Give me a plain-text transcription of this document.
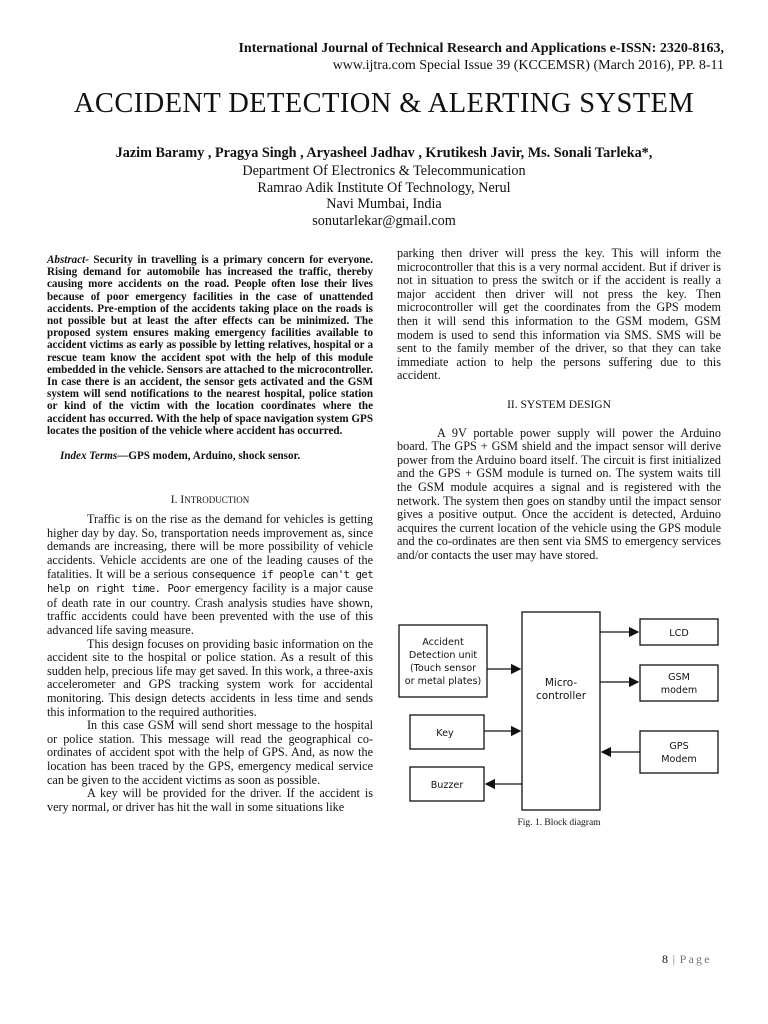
International Journal of Technical Research and Applications e-ISSN: 2320-8163,
www.ijtra.com Special Issue 39 (KCCEMSR) (March 2016), PP. 8-11
ACCIDENT DETECTION & ALERTING SYSTEM
Jazim Baramy , Pragya Singh , Aryasheel Jadhav , Krutikesh Javir, Ms. Sonali Tarleka*,
Department Of Electronics & Telecommunication
Ramrao Adik Institute Of Technology, Nerul
Navi Mumbai, India
sonutarlekar@gmail.com

Abstract- Security in travelling is a primary concern for everyone. Rising demand for automobile has increased the traffic, thereby causing more accidents on the road. People often lose their lives because of poor emergency facilities in the case of unattended accidents. Pre-emption of the accidents taking place on the roads is not possible but at least the after effects can be minimized. The proposed system ensures making emergency facilities available to accident victims as early as possible by letting relatives, hospital or a rescue team know the accident spot with the help of this module embedded in the vehicle. Sensors are attached to the microcontroller. In case there is an accident, the sensor gets activated and the GSM system will send notifications to the nearest hospital, police station or kind of the victim with the location coordinates where the accident has occurred. With the help of space navigation system GPS locates the position of the vehicle where accident has occurred.

Index Terms—GPS modem, Arduino, shock sensor.

I. INTRODUCTION

Traffic is on the rise as the demand for vehicles is getting higher day by day. So, transportation needs improvement as, since demands are increasing, there will be more possibility of vehicle accidents. Vehicle accidents are one of the leading causes of the fatalities. It will be a serious consequence if people can't get help on right time. Poor emergency facility is a major cause of death rate in our country. Crash analysis studies have shown, traffic accidents could have been prevented with the use of this advanced life saving measure.

This design focuses on providing basic information on the accident site to the hospital or police station. As a result of this sudden help, precious life may get saved. In this work, a three-axis accelerometer and GPS tracking system work for accidental monitoring. This design detects accidents in less time and sends this information to the required authorities.

In this case GSM will send short message to the hospital or police station. This message will read the geographical co-ordinates of accident spot with the help of GPS. And, as now the location has been traced by the GPS, emergency medical service can be given to the accident victims as soon as possible.

A key will be provided for the driver. If the accident is very normal, or driver has hit the wall in some situations like

parking then driver will press the key. This will inform the microcontroller that this is a very normal accident. But if driver is not in situation to press the switch or if the accident is really a major accident then driver will not press the key. Then microcontroller will get the coordinates from the GPS modem then it will send this information to the GSM modem, GSM modem is used to send this information via SMS. SMS will be sent to the family member of the driver, so that they can take immediate action to help the persons suffering due to this accident.

II. SYSTEM DESIGN

A 9V portable power supply will power the Arduino board. The GPS + GSM shield and the impact sensor will derive power from the Arduino board itself. The circuit is first initialized and the GPS + GSM module is turned on. The system waits till the GSM module acquires a signal and is registered with the network. The system then goes on standby until the impact sensor gives a positive output. Once the accident is detected, Arduino acquires the current location of the vehicle using the GPS module and the co-ordinates are then sent via SMS to emergency services and/or contacts the user may have stored.

Accident
Detection unit
(Touch sensor
or metal plates)
Key
Buzzer
Micro-
controller
LCD
GSM
modem
GPS
Modem
Fig. 1. Block diagram
8 | Page
